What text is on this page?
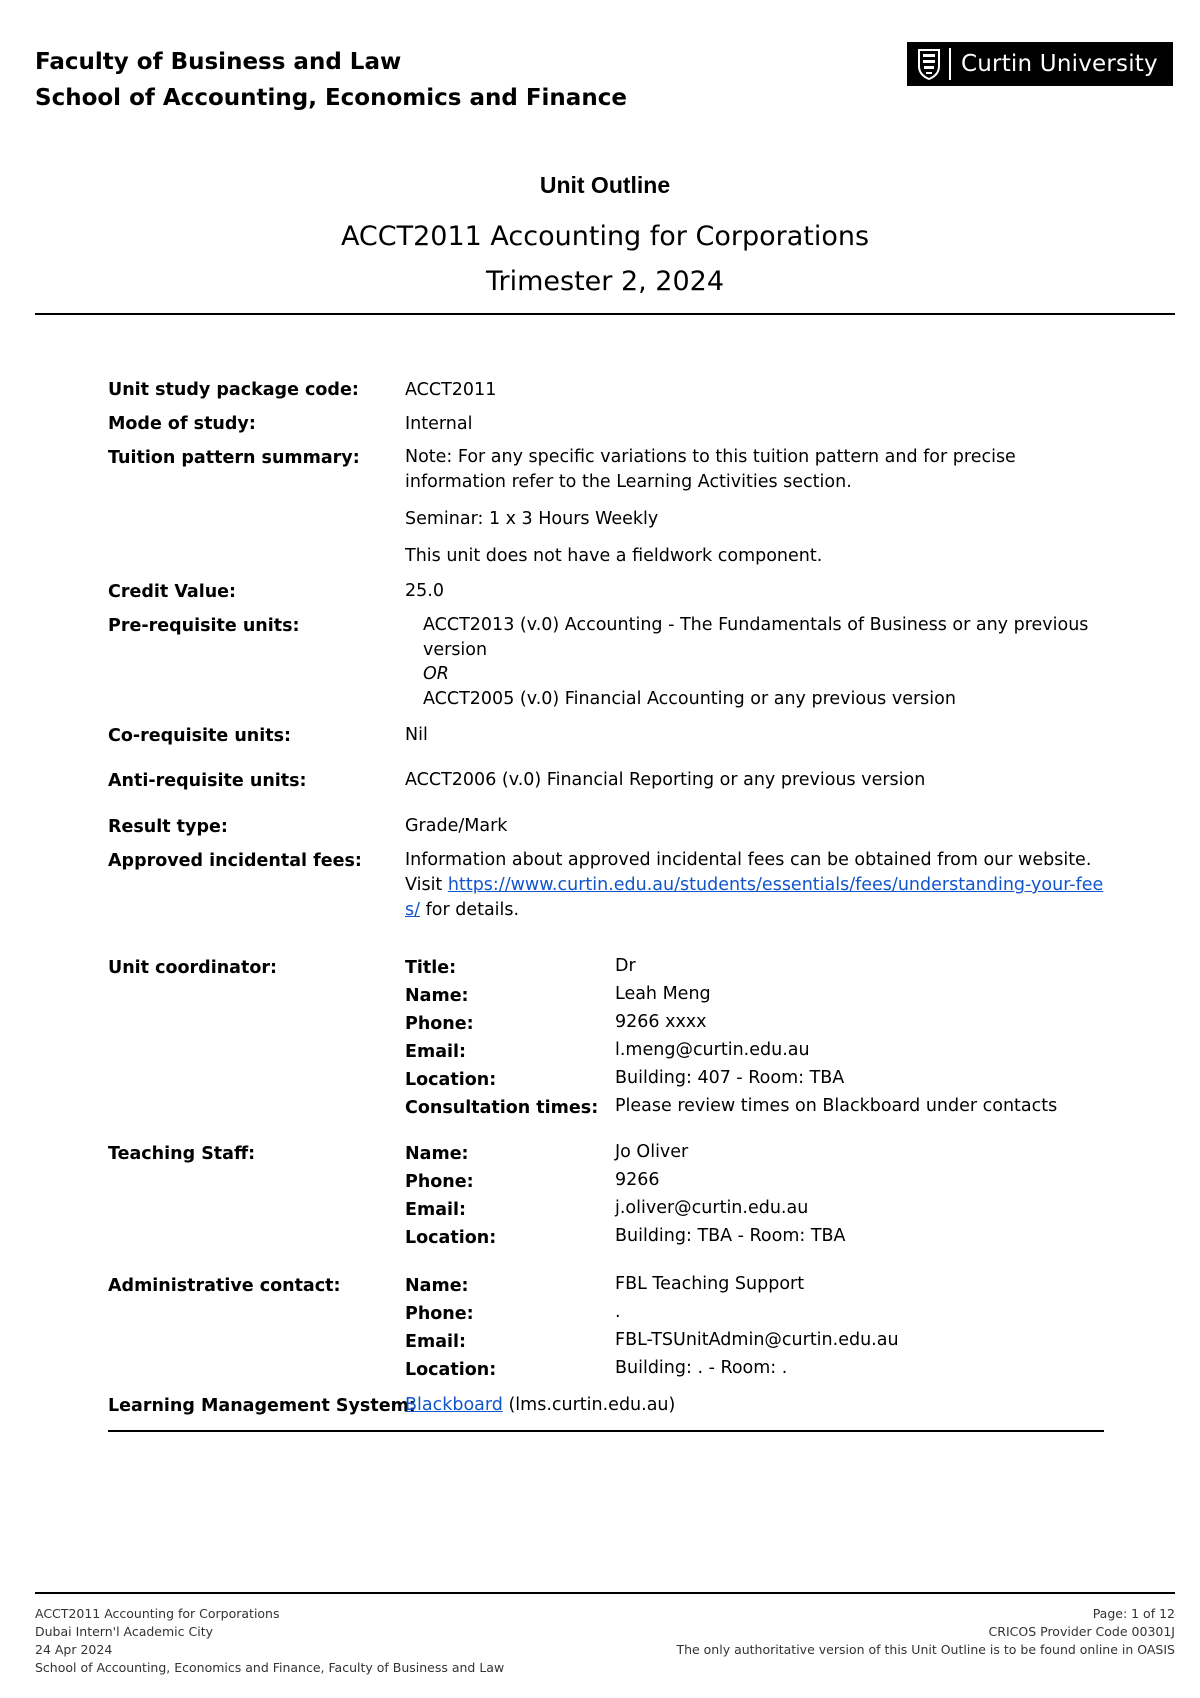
Faculty of Business and Law
School of Accounting, Economics and Finance
Curtin University
Unit Outline
ACCT2011 Accounting for Corporations
Trimester 2, 2024
Unit study package code:	ACCT2011
Mode of study:	Internal
Tuition pattern summary:	Note: For any specific variations to this tuition pattern and for precise information refer to the Learning Activities section.
Seminar: 1 x 3 Hours Weekly
This unit does not have a fieldwork component.
Credit Value:	25.0
Pre-requisite units:	ACCT2013 (v.0) Accounting - The Fundamentals of Business or any previous version
OR
ACCT2005 (v.0) Financial Accounting or any previous version
Co-requisite units:	Nil
Anti-requisite units:	ACCT2006 (v.0) Financial Reporting or any previous version
Result type:	Grade/Mark
Approved incidental fees: Information about approved incidental fees can be obtained from our website. Visit https://www.curtin.edu.au/students/essentials/fees/understanding-your-fees/ for details.
Unit coordinator:	Title:	Dr
Name:	Leah Meng
Phone:	9266 xxxx
Email:	l.meng@curtin.edu.au
Location:	Building: 407 - Room: TBA
Consultation times: Please review times on Blackboard under contacts
Teaching Staff:	Name:	Jo Oliver
Phone:	9266
Email:	j.oliver@curtin.edu.au
Location:	Building: TBA - Room: TBA
Administrative contact:	Name:	FBL Teaching Support
Phone:	.
Email:	FBL-TSUnitAdmin@curtin.edu.au
Location:	Building: . - Room: .
Learning Management System:
Blackboard (lms.curtin.edu.au)
ACCT2011 Accounting for Corporations
Dubai Intern'l Academic City
24 Apr 2024
School of Accounting, Economics and Finance, Faculty of Business and Law
Page: 1 of 12
CRICOS Provider Code 00301J
The only authoritative version of this Unit Outline is to be found online in OASIS
